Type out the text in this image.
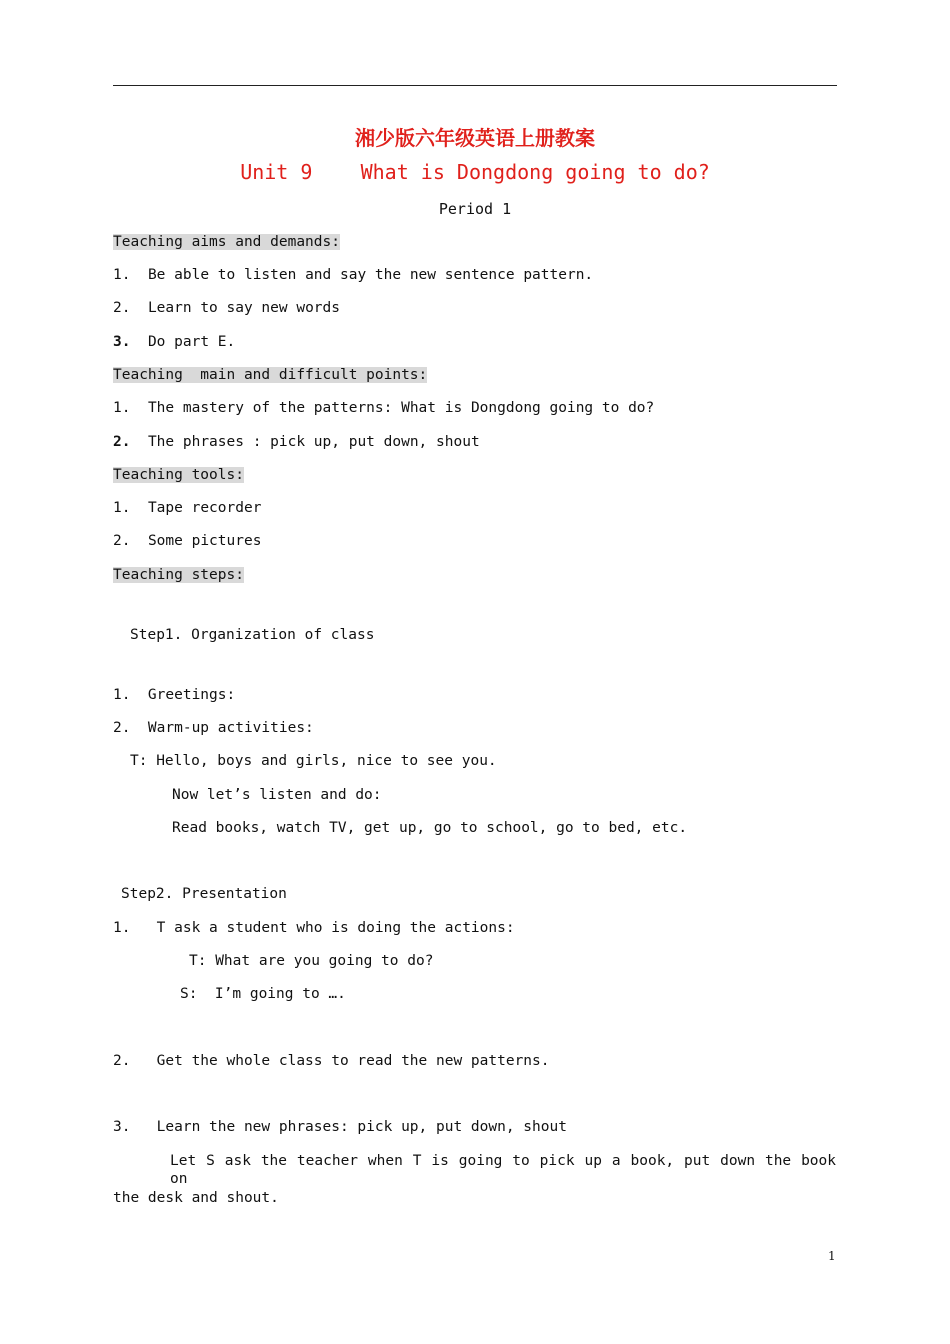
湘少版六年级英语上册教案
Unit 9    What is Dongdong going to do?
Period 1
Teaching aims and demands:
1. Be able to listen and say the new sentence pattern.
2. Learn to say new words
3. Do part E.
Teaching  main and difficult points:
1. The mastery of the patterns: What is Dongdong going to do?
2. The phrases : pick up, put down, shout
Teaching tools:
1. Tape recorder
2. Some pictures
Teaching steps:
Step1. Organization of class
1.  Greetings:
2.  Warm-up activities:
T: Hello, boys and girls, nice to see you.
Now let’s listen and do:
Read books, watch TV, get up, go to school, go to bed, etc.
Step2. Presentation
1.   T ask a student who is doing the actions:
T: What are you going to do?
S:  I’m going to ….
2.   Get the whole class to read the new patterns.
3.   Learn the new phrases: pick up, put down, shout
Let S ask the teacher when T is going to pick up a book, put down the book on
the desk and shout.
1
